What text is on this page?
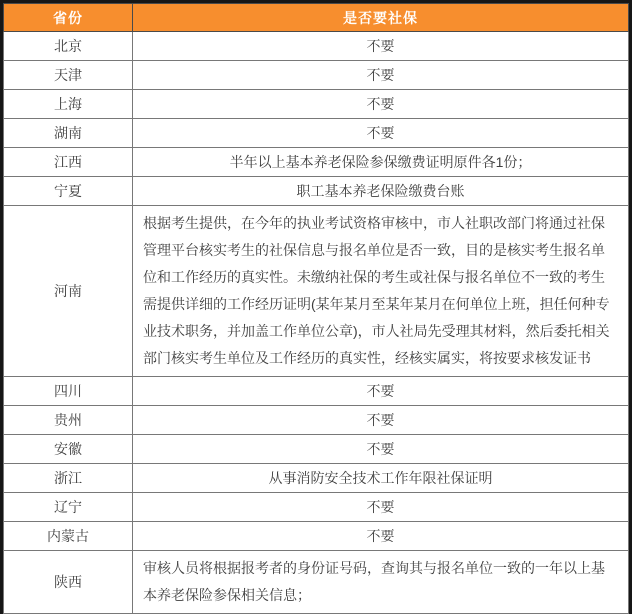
省份	是否要社保
北京	不要
天津	不要
上海	不要
湖南	不要
江西	半年以上基本养老保险参保缴费证明原件各1份；
宁夏	职工基本养老保险缴费台账
河南	根据考生提供，在今年的执业考试资格审核中，市人社职改部门将通过社保管理平台核实考生的社保信息与报名单位是否一致，目的是核实考生报名单位和工作经历的真实性。未缴纳社保的考生或社保与报名单位不一致的考生需提供详细的工作经历证明(某年某月至某年某月在何单位上班，担任何种专业技术职务，并加盖工作单位公章)，市人社局先受理其材料，然后委托相关部门核实考生单位及工作经历的真实性，经核实属实，将按要求核发证书
四川	不要
贵州	不要
安徽	不要
浙江	从事消防安全技术工作年限社保证明
辽宁	不要
内蒙古	不要
陕西	审核人员将根据报考者的身份证号码，查询其与报名单位一致的一年以上基本养老保险参保相关信息；
